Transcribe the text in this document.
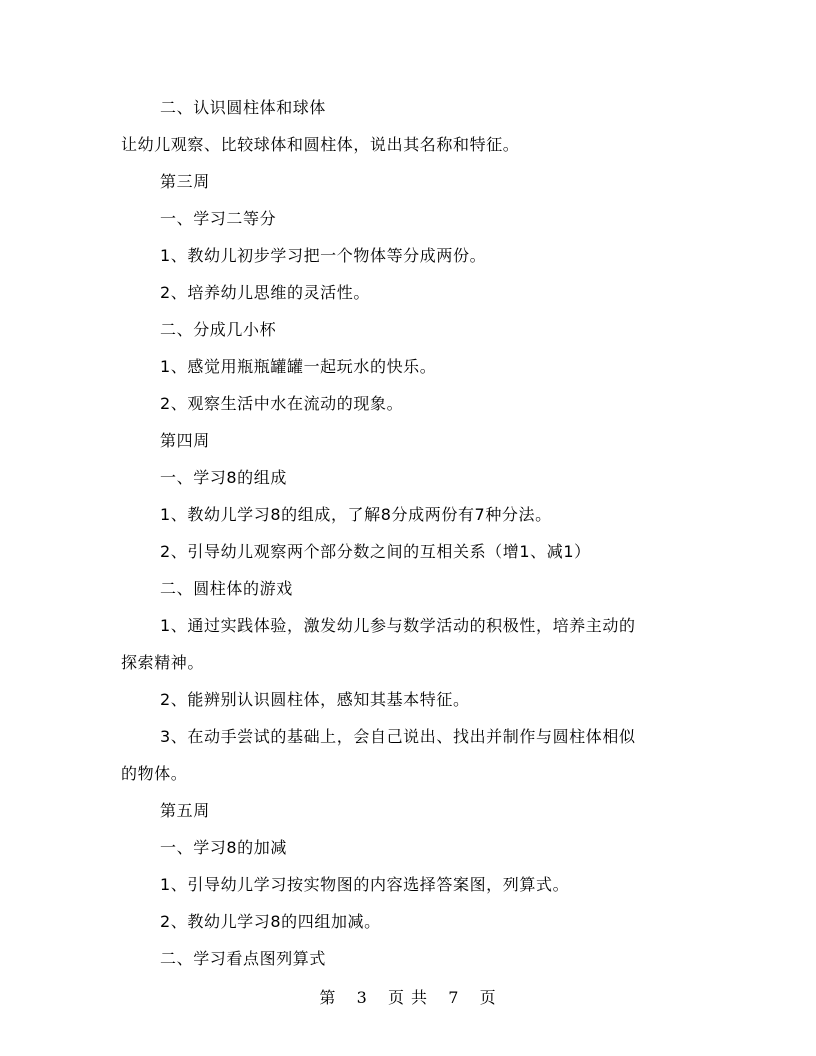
二、认识圆柱体和球体
让幼儿观察、比较球体和圆柱体，说出其名称和特征。
第三周
一、学习二等分
1、教幼儿初步学习把一个物体等分成两份。
2、培养幼儿思维的灵活性。
二、分成几小杯
1、感觉用瓶瓶罐罐一起玩水的快乐。
2、观察生活中水在流动的现象。
第四周
一、学习8的组成
1、教幼儿学习8的组成，了解8分成两份有7种分法。
2、引导幼儿观察两个部分数之间的互相关系（增1、减1）
二、圆柱体的游戏
1、通过实践体验，激发幼儿参与数学活动的积极性，培养主动的
探索精神。
2、能辨别认识圆柱体，感知其基本特征。
3、在动手尝试的基础上，会自己说出、找出并制作与圆柱体相似
的物体。
第五周
一、学习8的加减
1、引导幼儿学习按实物图的内容选择答案图，列算式。
2、教幼儿学习8的四组加减。
二、学习看点图列算式
第 3 页 共 7 页
